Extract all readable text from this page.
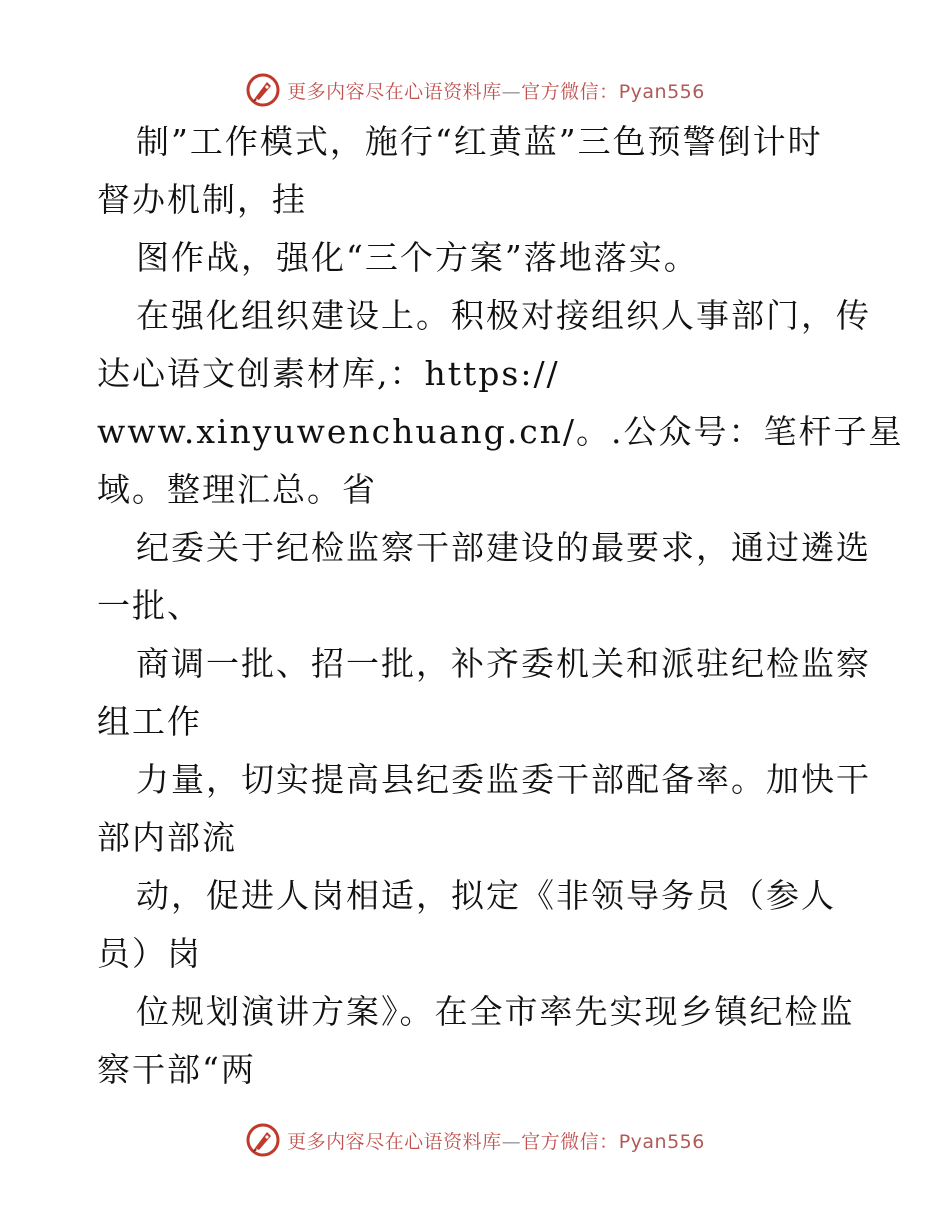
更多内容尽在心语资料库—官方微信：Pyan556
制”工作模式，施行“红黄蓝”三色预警倒计时
督办机制，挂
图作战，强化“三个方案”落地落实。
在强化组织建设上。积极对接组织人事部门，传
达心语文创素材库,：https://
www.xinyuwenchuang.cn/。.公众号：笔杆子星
域。整理汇总。省
纪委关于纪检监察干部建设的最要求，通过遴选
一批、
商调一批、招一批，补齐委机关和派驻纪检监察
组工作
力量，切实提高县纪委监委干部配备率。加快干
部内部流
动，促进人岗相适，拟定《非领导务员（参人
员）岗
位规划演讲方案》。在全市率先实现乡镇纪检监
察干部“两
更多内容尽在心语资料库—官方微信：Pyan556
